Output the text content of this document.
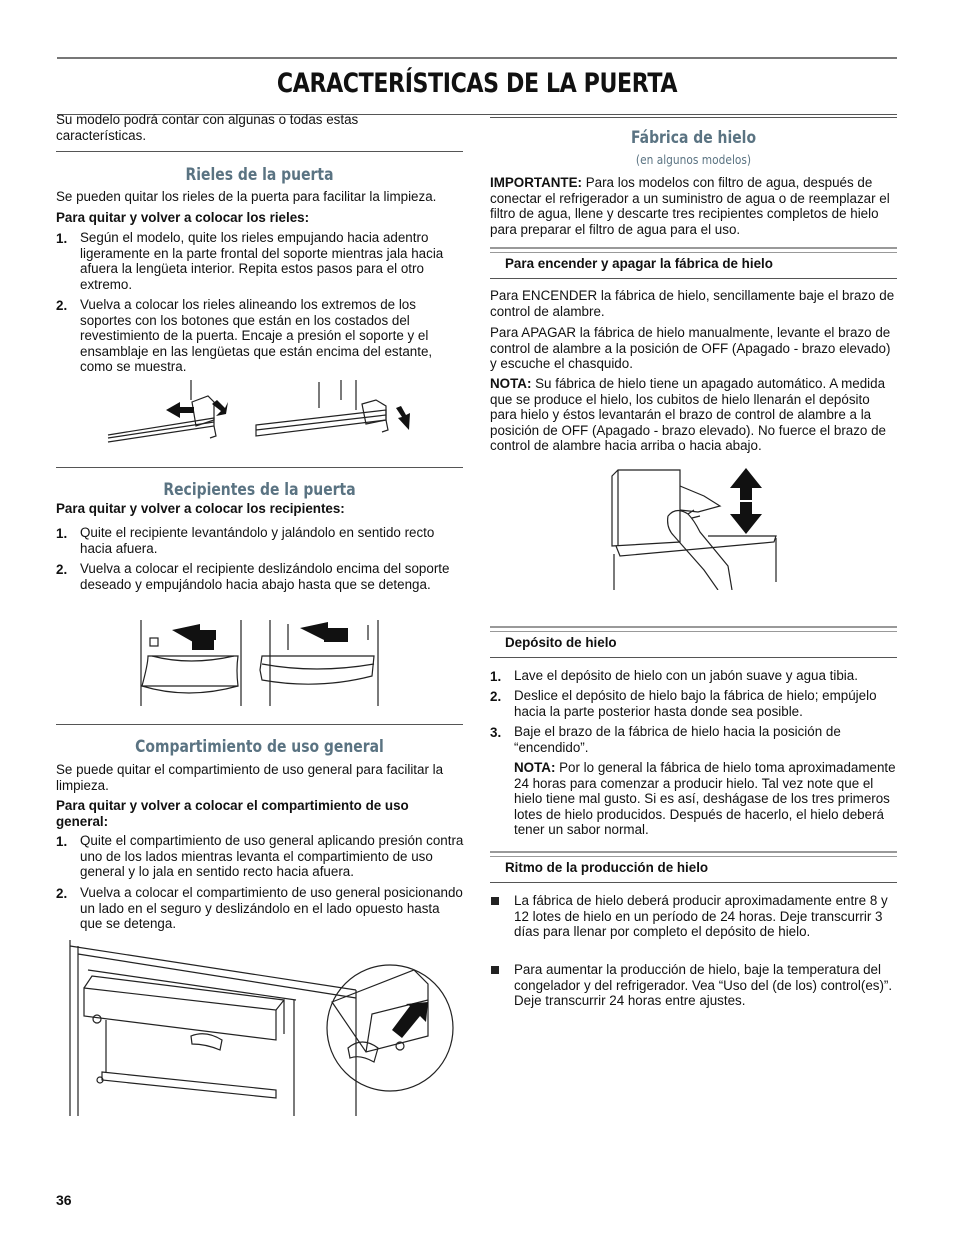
CARACTERÍSTICAS DE LA PUERTA
Su modelo podrá contar con algunas o todas estas características.
Rieles de la puerta
Se pueden quitar los rieles de la puerta para facilitar la limpieza.
Para quitar y volver a colocar los rieles:
1. Según el modelo, quite los rieles empujando hacia adentro ligeramente en la parte frontal del soporte mientras jala hacia afuera la lengüeta interior. Repita estos pasos para el otro extremo.
2. Vuelva a colocar los rieles alineando los extremos de los soportes con los botones que están en los costados del revestimiento de la puerta. Encaje a presión el soporte y el ensamblaje en las lengüetas que están encima del estante, como se muestra.
Recipientes de la puerta
Para quitar y volver a colocar los recipientes:
1. Quite el recipiente levantándolo y jalándolo en sentido recto hacia afuera.
2. Vuelva a colocar el recipiente deslizándolo encima del soporte deseado y empujándolo hacia abajo hasta que se detenga.
Compartimiento de uso general
Se puede quitar el compartimiento de uso general para facilitar la limpieza.
Para quitar y volver a colocar el compartimiento de uso general:
1. Quite el compartimiento de uso general aplicando presión contra uno de los lados mientras levanta el compartimiento de uso general y lo jala en sentido recto hacia afuera.
2. Vuelva a colocar el compartimiento de uso general posicionando un lado en el seguro y deslizándolo en el lado opuesto hasta que se detenga.
Fábrica de hielo
(en algunos modelos)
IMPORTANTE: Para los modelos con filtro de agua, después de conectar el refrigerador a un suministro de agua o de reemplazar el filtro de agua, llene y descarte tres recipientes completos de hielo para preparar el filtro de agua para el uso.
Para encender y apagar la fábrica de hielo
Para ENCENDER la fábrica de hielo, sencillamente baje el brazo de control de alambre.
Para APAGAR la fábrica de hielo manualmente, levante el brazo de control de alambre a la posición de OFF (Apagado - brazo elevado) y escuche el chasquido.
NOTA: Su fábrica de hielo tiene un apagado automático. A medida que se produce el hielo, los cubitos de hielo llenarán el depósito para hielo y éstos levantarán el brazo de control de alambre a la posición de OFF (Apagado - brazo elevado). No fuerce el brazo de control de alambre hacia arriba o hacia abajo.
Depósito de hielo
1. Lave el depósito de hielo con un jabón suave y agua tibia.
2. Deslice el depósito de hielo bajo la fábrica de hielo; empújelo hacia la parte posterior hasta donde sea posible.
3. Baje el brazo de la fábrica de hielo hacia la posición de “encendido”.
NOTA: Por lo general la fábrica de hielo toma aproximadamente 24 horas para comenzar a producir hielo. Tal vez note que el hielo tiene mal gusto. Si es así, deshágase de los tres primeros lotes de hielo producidos. Después de hacerlo, el hielo deberá tener un sabor normal.
Ritmo de la producción de hielo
La fábrica de hielo deberá producir aproximadamente entre 8 y 12 lotes de hielo en un período de 24 horas. Deje transcurrir 3 días para llenar por completo el depósito de hielo.
Para aumentar la producción de hielo, baje la temperatura del congelador y del refrigerador. Vea “Uso del (de los) control(es)”. Deje transcurrir 24 horas entre ajustes.
36
